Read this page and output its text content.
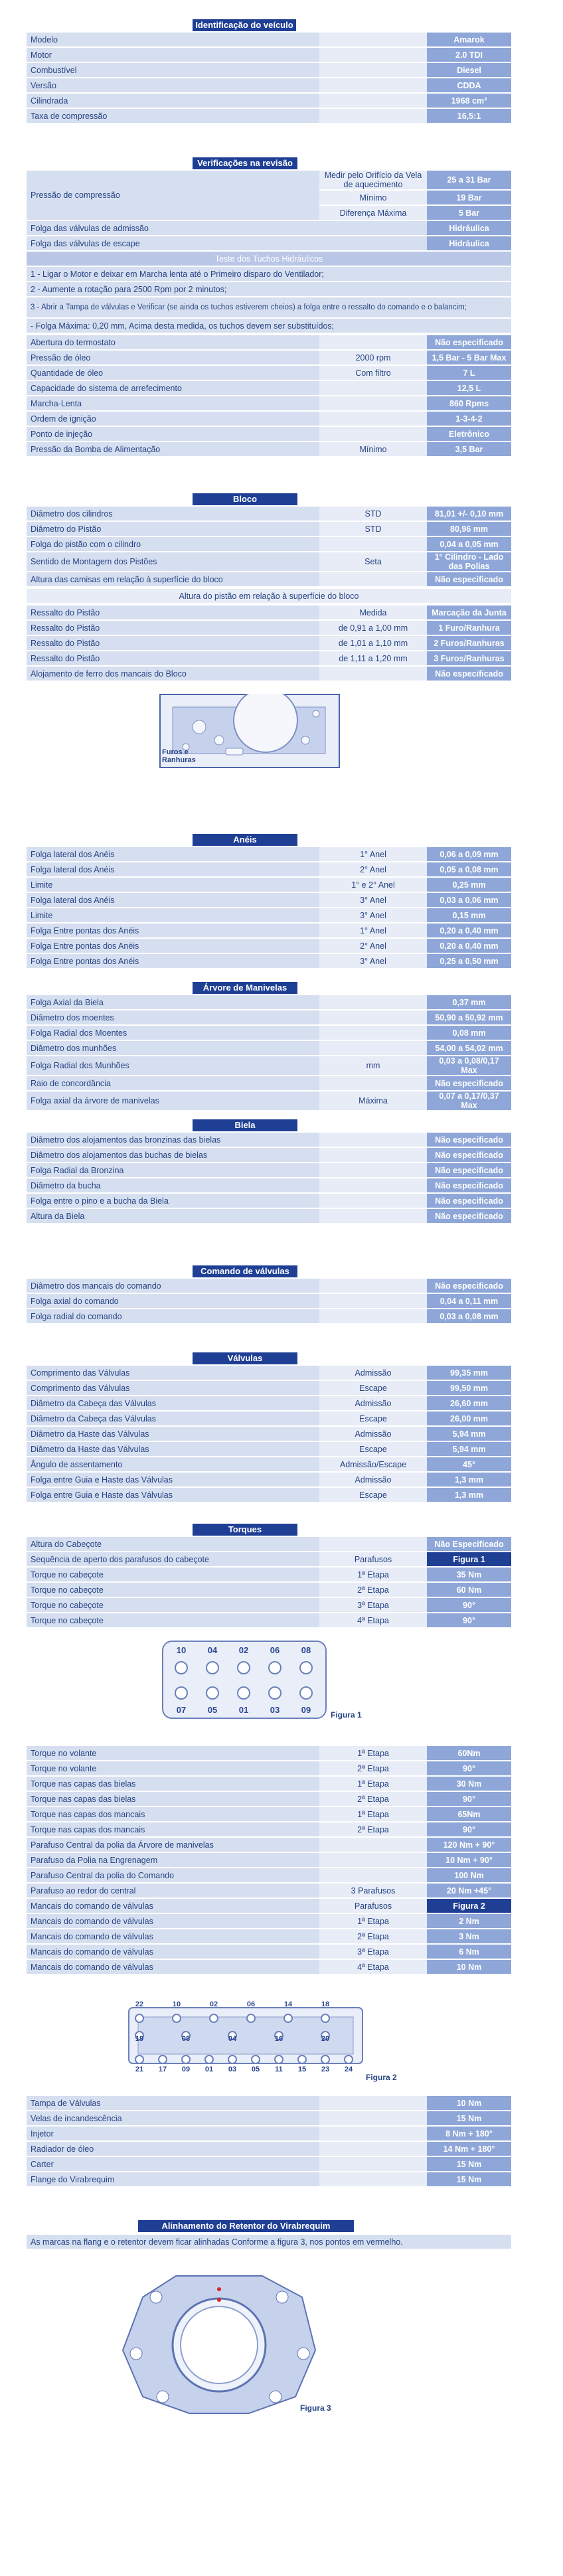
Identificação do veículo
Modelo		Amarok
Motor		2.0 TDI
Combustível		Diesel
Versão		CDDA
Cilindrada		1968 cm³
Taxa de compressão		16,5:1
Verificações na revisão
Pressão de compressão	Medir pelo Orifício da Vela de aquecimento	25 a 31 Bar
	Mínimo	19 Bar
	Diferença Máxima	5 Bar
Folga das válvulas de admissão		Hidráulica
Folga das válvulas de escape		Hidráulica
Teste dos Tuchos Hidráulicos		
1 - Ligar o Motor e deixar em Marcha lenta até o Primeiro disparo do Ventilador;		
2 - Aumente a rotação para 2500 Rpm por 2 minutos;		
3 - Abrir a Tampa de válvulas e Verificar (se ainda os tuchos estiverem cheios) a folga entre o ressalto do comando e o balancim;		
- Folga Máxima: 0,20 mm, Acima desta medida, os tuchos devem ser substituídos;		
Abertura do termostato		Não especificado
Pressão de óleo	2000 rpm	1,5 Bar - 5 Bar Max
Quantidade de óleo	Com filtro	7 L
Capacidade do sistema de arrefecimento		12,5 L
Marcha-Lenta		860 Rpms
Ordem de ignição		1-3-4-2
Ponto de injeção		Eletrônico
Pressão da Bomba de Alimentação	Mínimo	3,5 Bar
Bloco
Diâmetro dos cilindros	STD	81,01 +/- 0,10 mm
Diâmetro do Pistão	STD	80,96 mm
Folga do pistão com o cilindro		0,04 a 0,05 mm
Sentido de Montagem dos Pistões	Seta	1° Cilindro - Lado das Polias
Altura das camisas em relação à superfície do bloco		Não especificado
Altura do pistão em relação à superfície do bloco
Ressalto do Pistão	Medida	Marcação da Junta
Ressalto do Pistão	de 0,91 a 1,00 mm	1 Furo/Ranhura
Ressalto do Pistão	de 1,01 a 1,10 mm	2 Furos/Ranhuras
Ressalto do Pistão	de 1,11 a 1,20 mm	3 Furos/Ranhuras
Alojamento de ferro dos mancais do Bloco		Não especificado
Furos e Ranhuras
Anéis
Folga lateral dos Anéis	1° Anel	0,06 a 0,09 mm
Folga lateral dos Anéis	2° Anel	0,05 a 0,08 mm
Limite	1° e 2° Anel	0,25 mm
Folga lateral dos Anéis	3° Anel	0,03 a 0,06 mm
Limite	3° Anel	0,15 mm
Folga Entre pontas dos Anéis	1° Anel	0,20 a 0,40 mm
Folga Entre pontas dos Anéis	2° Anel	0,20 a 0,40 mm
Folga Entre pontas dos Anéis	3° Anel	0,25 a 0,50 mm
Árvore de Manivelas
Folga Axial da Biela		0,37 mm
Diâmetro dos moentes		50,90 a 50,92 mm
Folga Radial dos Moentes		0,08 mm
Diâmetro dos munhões		54,00 a 54,02 mm
Folga Radial dos Munhões	mm	0,03 a 0,08/0,17 Max
Raio de concordância		Não especificado
Folga axial da árvore de manivelas	Máxima	0,07 a 0,17/0,37 Max
Biela
Diâmetro dos alojamentos das bronzinas das bielas		Não especificado
Diâmetro dos alojamentos das buchas de bielas		Não especificado
Folga Radial da Bronzina		Não especificado
Diâmetro da bucha		Não especificado
Folga entre o pino e a bucha da Biela		Não especificado
Altura da Biela		Não especificado
Comando de válvulas
Diâmetro dos mancais do comando		Não especificado
Folga axial do comando		0,04 a 0,11 mm
Folga radial do comando		0,03 a 0,08 mm
Válvulas
Comprimento das Válvulas	Admissão	99,35 mm
Comprimento das Válvulas	Escape	99,50 mm
Diâmetro da Cabeça das Válvulas	Admissão	26,60 mm
Diâmetro da Cabeça das Válvulas	Escape	26,00 mm
Diâmetro da Haste das Válvulas	Admissão	5,94 mm
Diâmetro da Haste das Válvulas	Escape	5,94 mm
Ângulo de assentamento	Admissão/Escape	45°
Folga entre Guia e Haste das Válvulas	Admissão	1,3 mm
Folga entre Guia e Haste das Válvulas	Escape	1,3 mm
Torques
Altura do Cabeçote		Não Especificado
Sequência de aperto dos parafusos do cabeçote	Parafusos	Figura 1
Torque no cabeçote	1ª Etapa	35 Nm
Torque no cabeçote	2ª Etapa	60 Nm
Torque no cabeçote	3ª Etapa	90°
Torque no cabeçote	4ª Etapa	90°
10	04	02	06	08
07	05	01	03	09 Figura 1
Torque no volante	1ª Etapa	60Nm
Torque no volante	2ª Etapa	90°
Torque nas capas das bielas	1ª Etapa	30 Nm
Torque nas capas das bielas	2ª Etapa	90°
Torque nas capas dos mancais	1ª Etapa	65Nm
Torque nas capas dos mancais	2ª Etapa	90°
Parafuso Central da polia da Árvore de manivelas		120 Nm + 90°
Parafuso da Polia na Engrenagem		10 Nm + 90°
Parafuso Central da polia do Comando		100 Nm
Parafuso ao redor do central	3 Parafusos	20 Nm +45°
Mancais do comando de válvulas	Parafusos	Figura 2
Mancais do comando de válvulas	1ª Etapa	2 Nm
Mancais do comando de válvulas	2ª Etapa	3 Nm
Mancais do comando de válvulas	3ª Etapa	6 Nm
Mancais do comando de válvulas	4ª Etapa	10 Nm
22	10	02	06	14	18
19	08	04	16	20
21 17 09 01 03 05 11 15 23 24
Figura 2
Tampa de Válvulas		10 Nm
Velas de incandescência		15 Nm
Injetor		8 Nm + 180°
Radiador de óleo		14 Nm + 180°
Carter		15 Nm
Flange do Virabrequim		15 Nm
Alinhamento do Retentor do Virabrequim
As marcas na flang e o retentor devem ficar alinhadas Conforme a figura 3, nos pontos em vermelho.
Figura 3
